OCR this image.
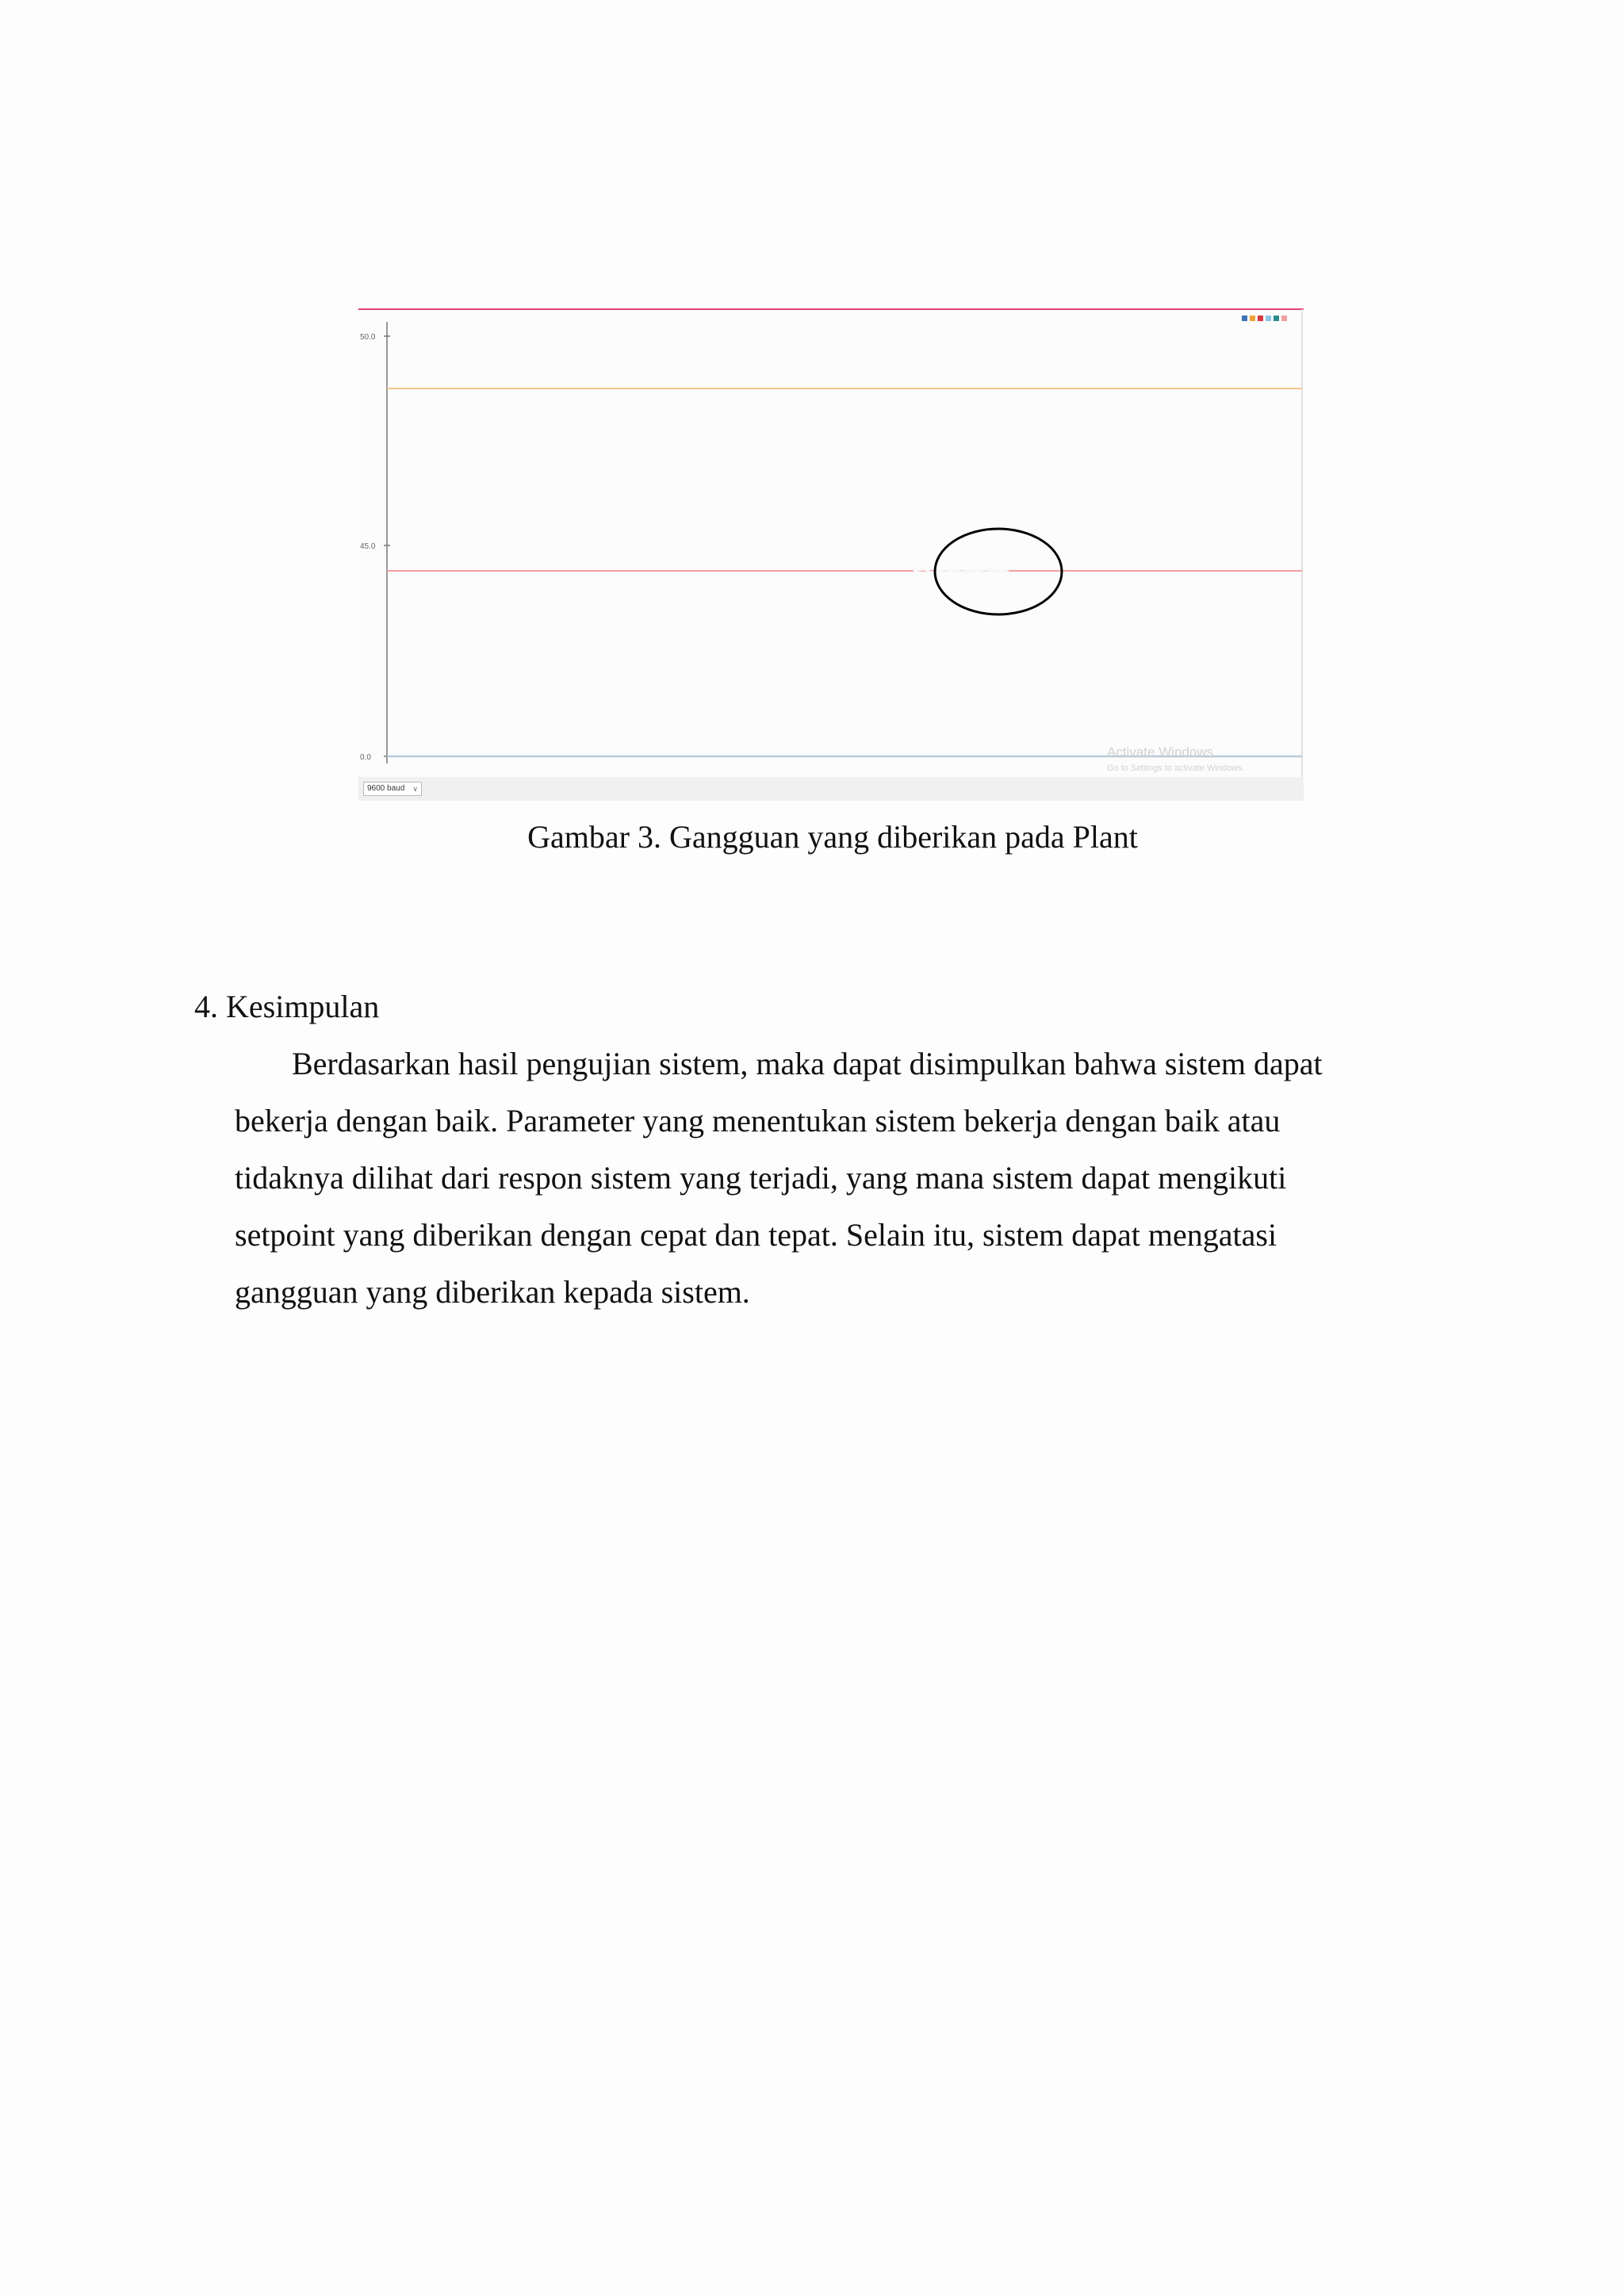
50.0
45.0
0.0
9600 baud ∨
Activate Windows
Go to Settings to activate Windows.
Gambar 3. Gangguan yang diberikan pada Plant
4. Kesimpulan

Berdasarkan hasil pengujian sistem, maka dapat disimpulkan bahwa sistem dapat bekerja dengan baik. Parameter yang menentukan sistem bekerja dengan baik atau tidaknya dilihat dari respon sistem yang terjadi, yang mana sistem dapat mengikuti setpoint yang diberikan dengan cepat dan tepat. Selain itu, sistem dapat mengatasi gangguan yang diberikan kepada sistem.
